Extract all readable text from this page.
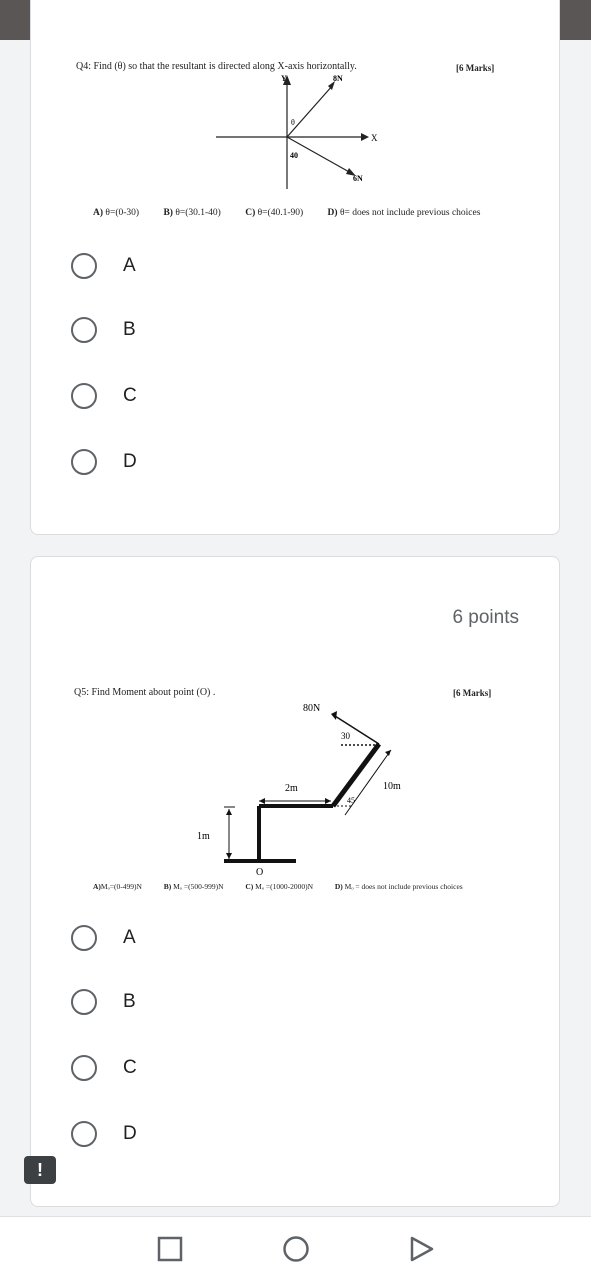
Q4: Find (θ) so that the resultant is directed along X-axis horizontally.	[6 Marks]
Y
X
8N
6N
θ
40
A) θ=(0-30)	B) θ=(30.1-40)	C) θ=(40.1-90)	D) θ= does not include previous choices
A
B
C
D
6 points
Q5: Find Moment about point (O) .	[6 Marks]
80N
30
45
2m	10m
1m
O
A)Mₒ=(0-499)N	B) Mₒ =(500-999)N	C) Mₒ =(1000-2000)N	D) Mₒ = does not include previous choices
A
B
C
D
!
